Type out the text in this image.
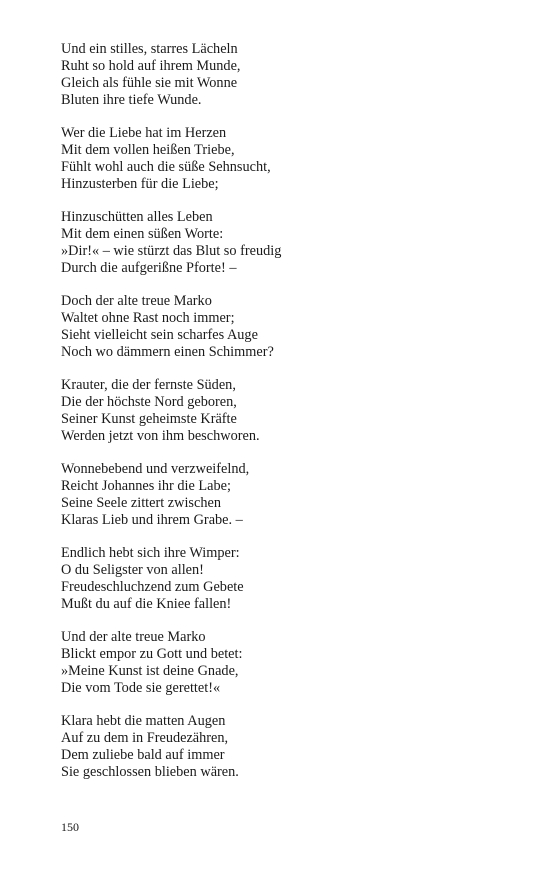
Und ein stilles, starres Lächeln
Ruht so hold auf ihrem Munde,
Gleich als fühle sie mit Wonne
Bluten ihre tiefe Wunde.
Wer die Liebe hat im Herzen
Mit dem vollen heißen Triebe,
Fühlt wohl auch die süße Sehnsucht,
Hinzusterben für die Liebe;
Hinzuschütten alles Leben
Mit dem einen süßen Worte:
»Dir!« – wie stürzt das Blut so freudig
Durch die aufgerißne Pforte! –
Doch der alte treue Marko
Waltet ohne Rast noch immer;
Sieht vielleicht sein scharfes Auge
Noch wo dämmern einen Schimmer?
Krauter, die der fernste Süden,
Die der höchste Nord geboren,
Seiner Kunst geheimste Kräfte
Werden jetzt von ihm beschworen.
Wonnebebend und verzweifelnd,
Reicht Johannes ihr die Labe;
Seine Seele zittert zwischen
Klaras Lieb und ihrem Grabe. –
Endlich hebt sich ihre Wimper:
O du Seligster von allen!
Freudeschluchzend zum Gebete
Mußt du auf die Kniee fallen!
Und der alte treue Marko
Blickt empor zu Gott und betet:
»Meine Kunst ist deine Gnade,
Die vom Tode sie gerettet!«
Klara hebt die matten Augen
Auf zu dem in Freudezähren,
Dem zuliebe bald auf immer
Sie geschlossen blieben wären.
150
